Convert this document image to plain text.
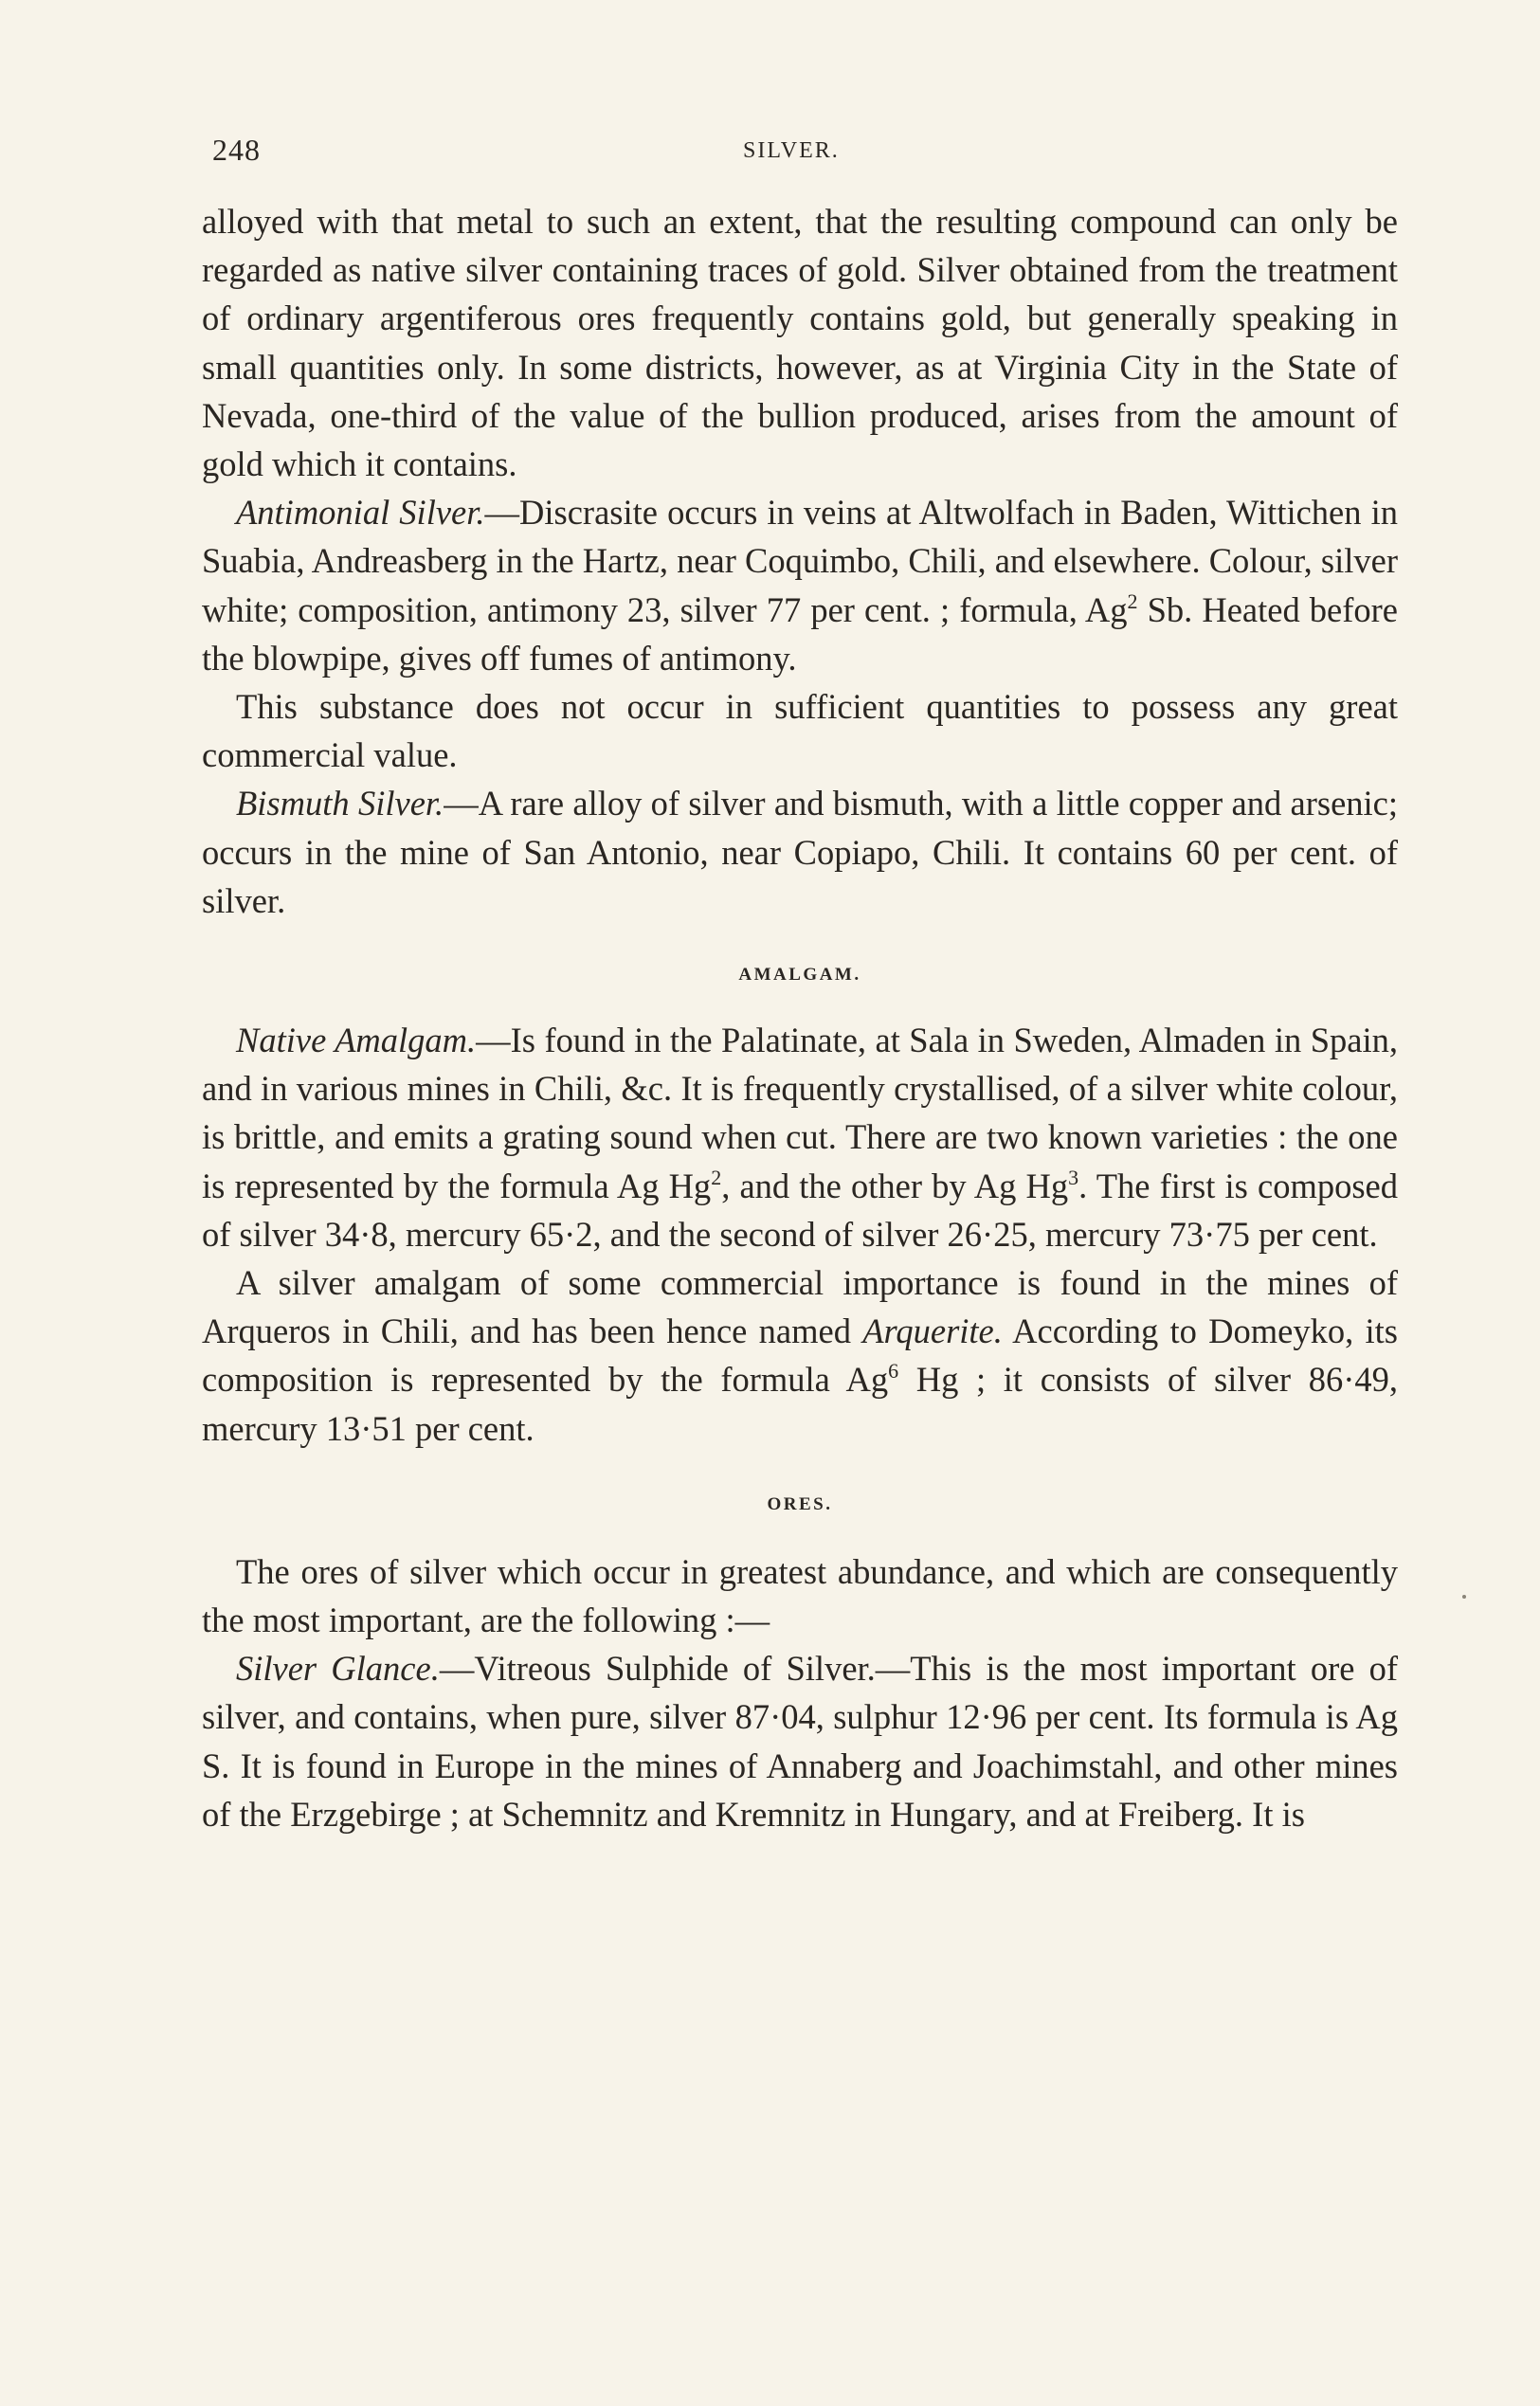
248	SILVER.

alloyed with that metal to such an extent, that the resulting compound can only be regarded as native silver containing traces of gold. Silver obtained from the treatment of ordinary argentiferous ores frequently contains gold, but generally speaking in small quantities only. In some districts, however, as at Virginia City in the State of Nevada, one-third of the value of the bullion produced, arises from the amount of gold which it contains.

Antimonial Silver.—Discrasite occurs in veins at Altwolfach in Baden, Wittichen in Suabia, Andreasberg in the Hartz, near Coquimbo, Chili, and elsewhere. Colour, silver white; composition, antimony 23, silver 77 per cent. ; formula, Ag$^2$ Sb. Heated before the blowpipe, gives off fumes of antimony.

This substance does not occur in sufficient quantities to possess any great commercial value.

Bismuth Silver.—A rare alloy of silver and bismuth, with a little copper and arsenic; occurs in the mine of San Antonio, near Copiapo, Chili. It contains 60 per cent. of silver.

AMALGAM.

Native Amalgam.—Is found in the Palatinate, at Sala in Sweden, Almaden in Spain, and in various mines in Chili, &c. It is frequently crystallised, of a silver white colour, is brittle, and emits a grating sound when cut. There are two known varieties : the one is represented by the formula Ag Hg$^2$, and the other by Ag Hg$^3$. The first is composed of silver 34·8, mercury 65·2, and the second of silver 26·25, mercury 73·75 per cent.

A silver amalgam of some commercial importance is found in the mines of Arqueros in Chili, and has been hence named Arquerite. According to Domeyko, its composition is represented by the formula Ag$^6$ Hg ; it consists of silver 86·49, mercury 13·51 per cent.

ORES.

The ores of silver which occur in greatest abundance, and which are consequently the most important, are the following :—

Silver Glance.—Vitreous Sulphide of Silver.—This is the most important ore of silver, and contains, when pure, silver 87·04, sulphur 12·96 per cent. Its formula is Ag S. It is found in Europe in the mines of Annaberg and Joachimstahl, and other mines of the Erzgebirge ; at Schemnitz and Kremnitz in Hungary, and at Freiberg. It is
